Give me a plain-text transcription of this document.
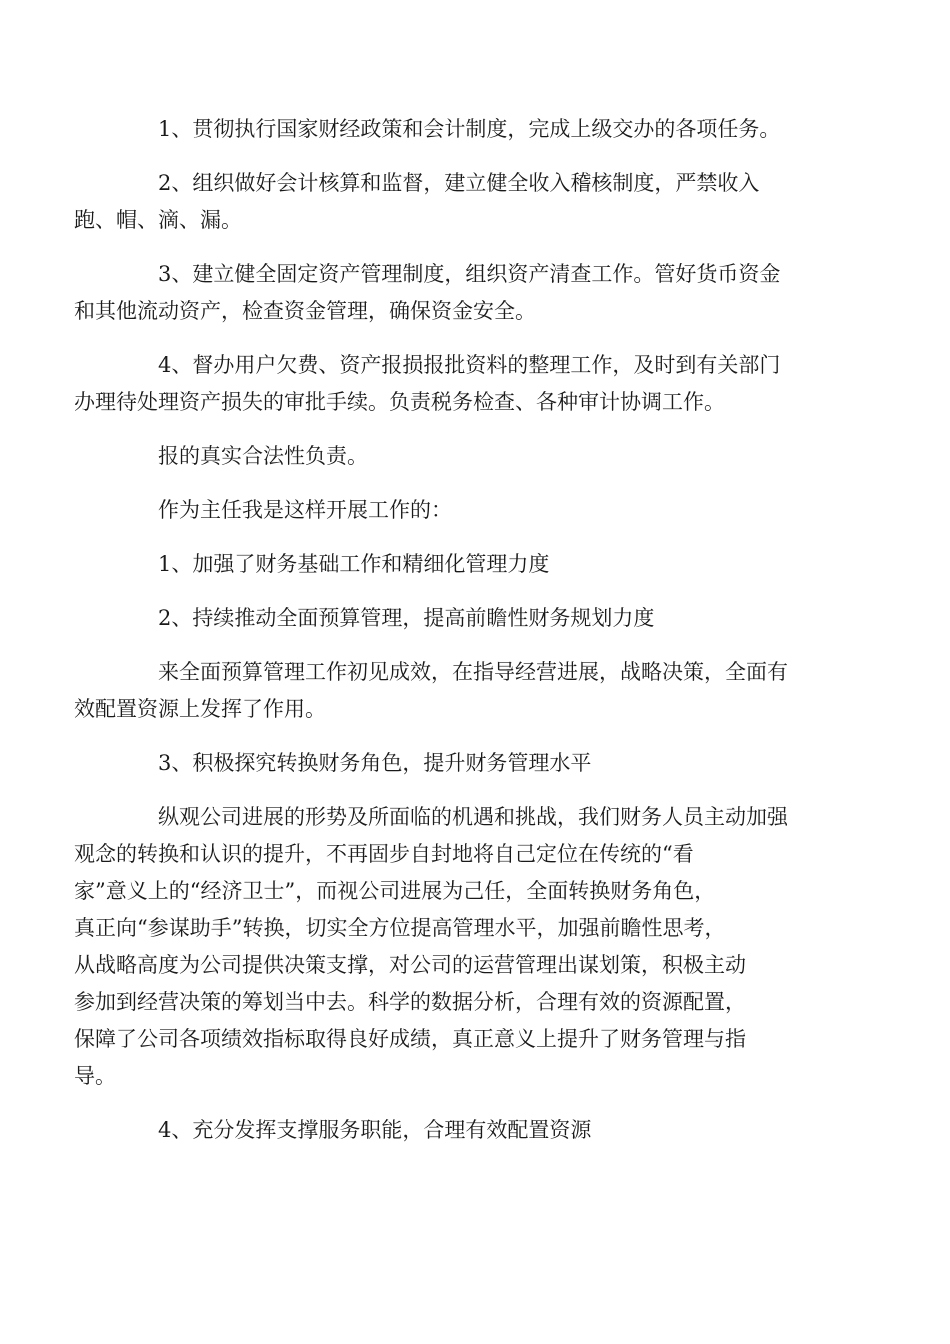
1、贯彻执行国家财经政策和会计制度，完成上级交办的各项任务。

2、组织做好会计核算和监督，建立健全收入稽核制度，严禁收入
跑、帽、滴、漏。

3、建立健全固定资产管理制度，组织资产清查工作。管好货币资金
和其他流动资产，检查资金管理，确保资金安全。

4、督办用户欠费、资产报损报批资料的整理工作，及时到有关部门
办理待处理资产损失的审批手续。负责税务检查、各种审计协调工作。

报的真实合法性负责。

作为主任我是这样开展工作的：

1、加强了财务基础工作和精细化管理力度

2、持续推动全面预算管理，提高前瞻性财务规划力度

来全面预算管理工作初见成效，在指导经营进展，战略决策，全面有
效配置资源上发挥了作用。

3、积极探究转换财务角色，提升财务管理水平

纵观公司进展的形势及所面临的机遇和挑战，我们财务人员主动加强
观念的转换和认识的提升，不再固步自封地将自己定位在传统的“看
家”意义上的“经济卫士”，而视公司进展为己任，全面转换财务角色，
真正向“参谋助手”转换，切实全方位提高管理水平，加强前瞻性思考，
从战略高度为公司提供决策支撑，对公司的运营管理出谋划策，积极主动
参加到经营决策的筹划当中去。科学的数据分析，合理有效的资源配置，
保障了公司各项绩效指标取得良好成绩，真正意义上提升了财务管理与指
导。

4、充分发挥支撑服务职能，合理有效配置资源
